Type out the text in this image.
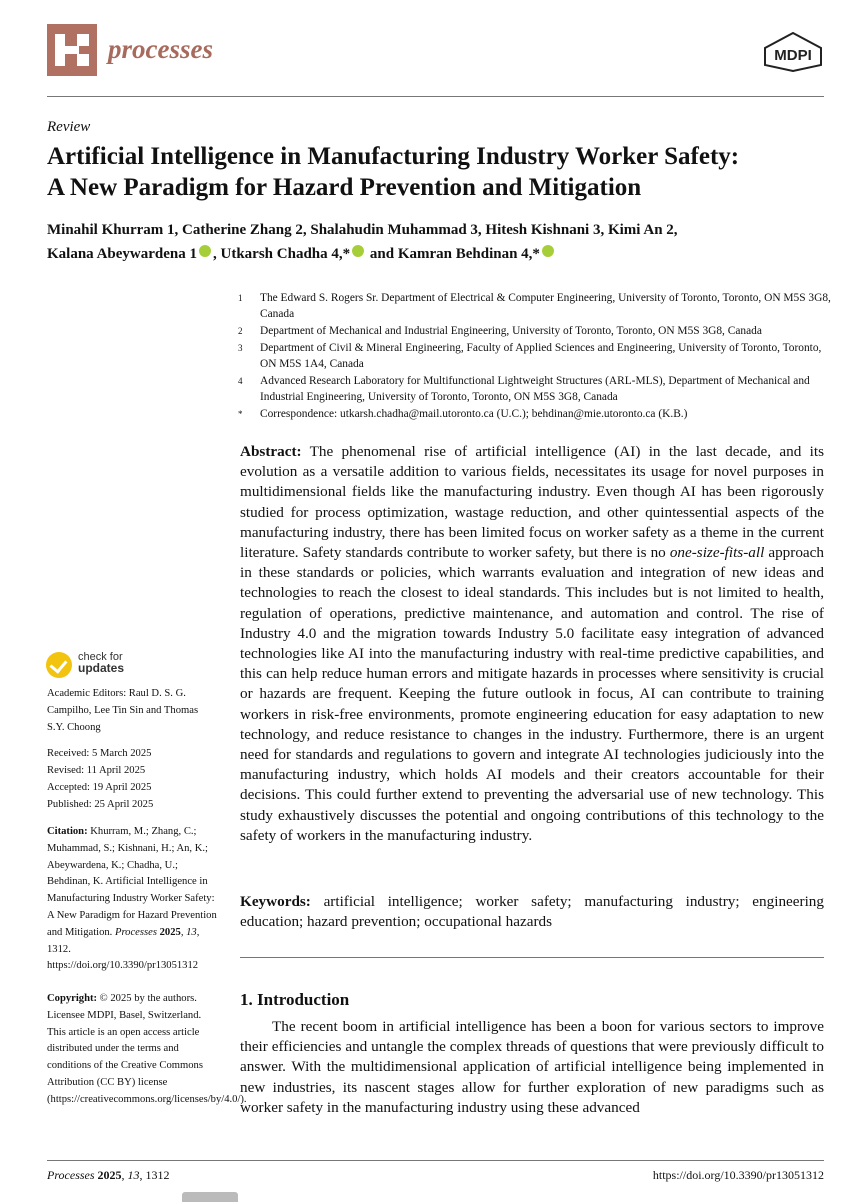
processes	MDPI
Review
Artificial Intelligence in Manufacturing Industry Worker Safety:
A New Paradigm for Hazard Prevention and Mitigation
Minahil Khurram 1, Catherine Zhang 2, Shalahudin Muhammad 3, Hitesh Kishnani 3, Kimi An 2,
Kalana Abeywardena 1 , Utkarsh Chadha 4,* and Kamran Behdinan 4,*
1	The Edward S. Rogers Sr. Department of Electrical & Computer Engineering, University of Toronto, Toronto, ON M5S 3G8, Canada
2	Department of Mechanical and Industrial Engineering, University of Toronto, Toronto, ON M5S 3G8, Canada
3	Department of Civil & Mineral Engineering, Faculty of Applied Sciences and Engineering, University of Toronto, Toronto, ON M5S 1A4, Canada
4	Advanced Research Laboratory for Multifunctional Lightweight Structures (ARL-MLS), Department of Mechanical and Industrial Engineering, University of Toronto, Toronto, ON M5S 3G8, Canada
*	Correspondence: utkarsh.chadha@mail.utoronto.ca (U.C.); behdinan@mie.utoronto.ca (K.B.)
Abstract: The phenomenal rise of artificial intelligence (AI) in the last decade, and its evolution as a versatile addition to various fields, necessitates its usage for novel purposes in multidimensional fields like the manufacturing industry. Even though AI has been rigorously studied for process optimization, wastage reduction, and other quintessential aspects of the manufacturing industry, there has been limited focus on worker safety as a theme in the current literature. Safety standards contribute to worker safety, but there is no one-size-fits-all approach in these standards or policies, which warrants evaluation and integration of new ideas and technologies to reach the closest to ideal standards. This includes but is not limited to health, regulation of operations, predictive maintenance, and automation and control. The rise of Industry 4.0 and the migration towards Industry 5.0 facilitate easy integration of advanced technologies like AI into the manufacturing industry with real-time predictive capabilities, and this can help reduce human errors and mitigate hazards in processes where sensitivity is crucial or hazards are frequent. Keeping the future outlook in focus, AI can contribute to training workers in risk-free environments, promote engineering education for easy adaptation to new technology, and reduce resistance to changes in the industry. Furthermore, there is an urgent need for standards and regulations to govern and integrate AI technologies judiciously into the manufacturing industry, which holds AI models and their creators accountable for their decisions. This could further extend to preventing the adversarial use of new technology. This study exhaustively discusses the potential and ongoing contributions of this technology to the safety of workers in the manufacturing industry.
Keywords: artificial intelligence; worker safety; manufacturing industry; engineering education; hazard prevention; occupational hazards
1. Introduction
The recent boom in artificial intelligence has been a boon for various sectors to improve their efficiencies and untangle the complex threads of questions that were previously difficult to answer. With the multidimensional application of artificial intelligence being implemented in new industries, its nascent stages allow for further exploration of new paradigms such as worker safety in the manufacturing industry using these advanced
check for
updates
Academic Editors: Raul D. S. G. Campilho, Lee Tin Sin and Thomas S.Y. Choong
Received: 5 March 2025
Revised: 11 April 2025
Accepted: 19 April 2025
Published: 25 April 2025
Citation: Khurram, M.; Zhang, C.; Muhammad, S.; Kishnani, H.; An, K.; Abeywardena, K.; Chadha, U.; Behdinan, K. Artificial Intelligence in Manufacturing Industry Worker Safety: A New Paradigm for Hazard Prevention and Mitigation. Processes 2025, 13, 1312. https://doi.org/10.3390/pr13051312
Copyright: © 2025 by the authors. Licensee MDPI, Basel, Switzerland. This article is an open access article distributed under the terms and conditions of the Creative Commons Attribution (CC BY) license (https://creativecommons.org/licenses/by/4.0/).
Processes 2025, 13, 1312	https://doi.org/10.3390/pr13051312
